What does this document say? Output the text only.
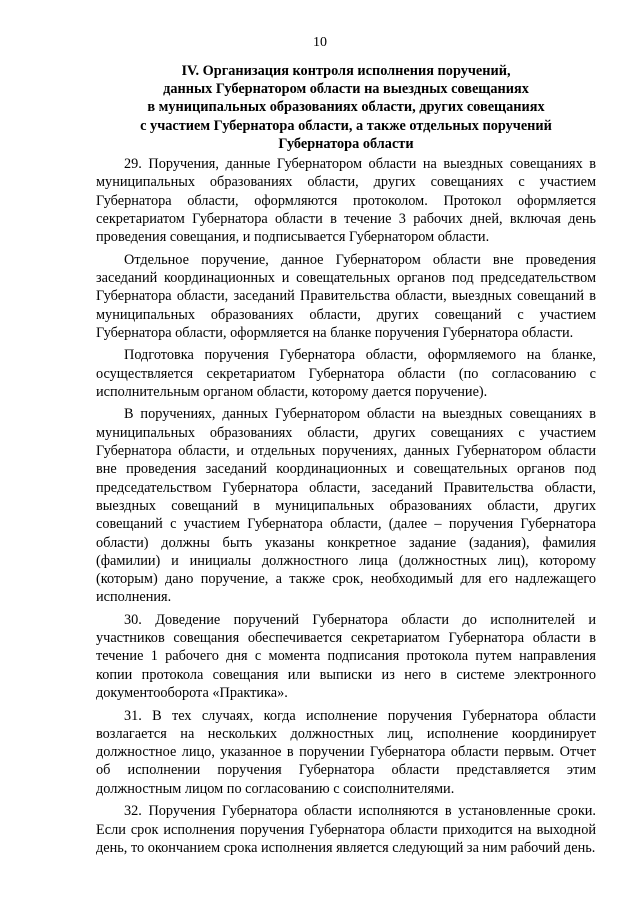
10
IV. Организация контроля исполнения поручений,
данных Губернатором области на выездных совещаниях
в муниципальных образованиях области, других совещаниях
с участием Губернатора области, а также отдельных поручений
Губернатора области

29. Поручения, данные Губернатором области на выездных совещаниях в муниципальных образованиях области, других совещаниях с участием Губернатора области, оформляются протоколом. Протокол оформляется секретариатом Губернатора области в течение 3 рабочих дней, включая день проведения совещания, и подписывается Губернатором области.

Отдельное поручение, данное Губернатором области вне проведения заседаний координационных и совещательных органов под председательством Губернатора области, заседаний Правительства области, выездных совещаний в муниципальных образованиях области, других совещаний с участием Губернатора области, оформляется на бланке поручения Губернатора области.

Подготовка поручения Губернатора области, оформляемого на бланке, осуществляется секретариатом Губернатора области (по согласованию с исполнительным органом области, которому дается поручение).

В поручениях, данных Губернатором области на выездных совещаниях в муниципальных образованиях области, других совещаниях с участием Губернатора области, и отдельных поручениях, данных Губернатором области вне проведения заседаний координационных и совещательных органов под председательством Губернатора области, заседаний Правительства области, выездных совещаний в муниципальных образованиях области, других совещаний с участием Губернатора области, (далее – поручения Губернатора области) должны быть указаны конкретное задание (задания), фамилия (фамилии) и инициалы должностного лица (должностных лиц), которому (которым) дано поручение, а также срок, необходимый для его надлежащего исполнения.

30. Доведение поручений Губернатора области до исполнителей и участников совещания обеспечивается секретариатом Губернатора области в течение 1 рабочего дня с момента подписания протокола путем направления копии протокола совещания или выписки из него в системе электронного документооборота «Практика».

31. В тех случаях, когда исполнение поручения Губернатора области возлагается на нескольких должностных лиц, исполнение координирует должностное лицо, указанное в поручении Губернатора области первым. Отчет об исполнении поручения Губернатора области представляется этим должностным лицом по согласованию с соисполнителями.

32. Поручения Губернатора области исполняются в установленные сроки. Если срок исполнения поручения Губернатора области приходится на выходной день, то окончанием срока исполнения является следующий за ним рабочий день.
